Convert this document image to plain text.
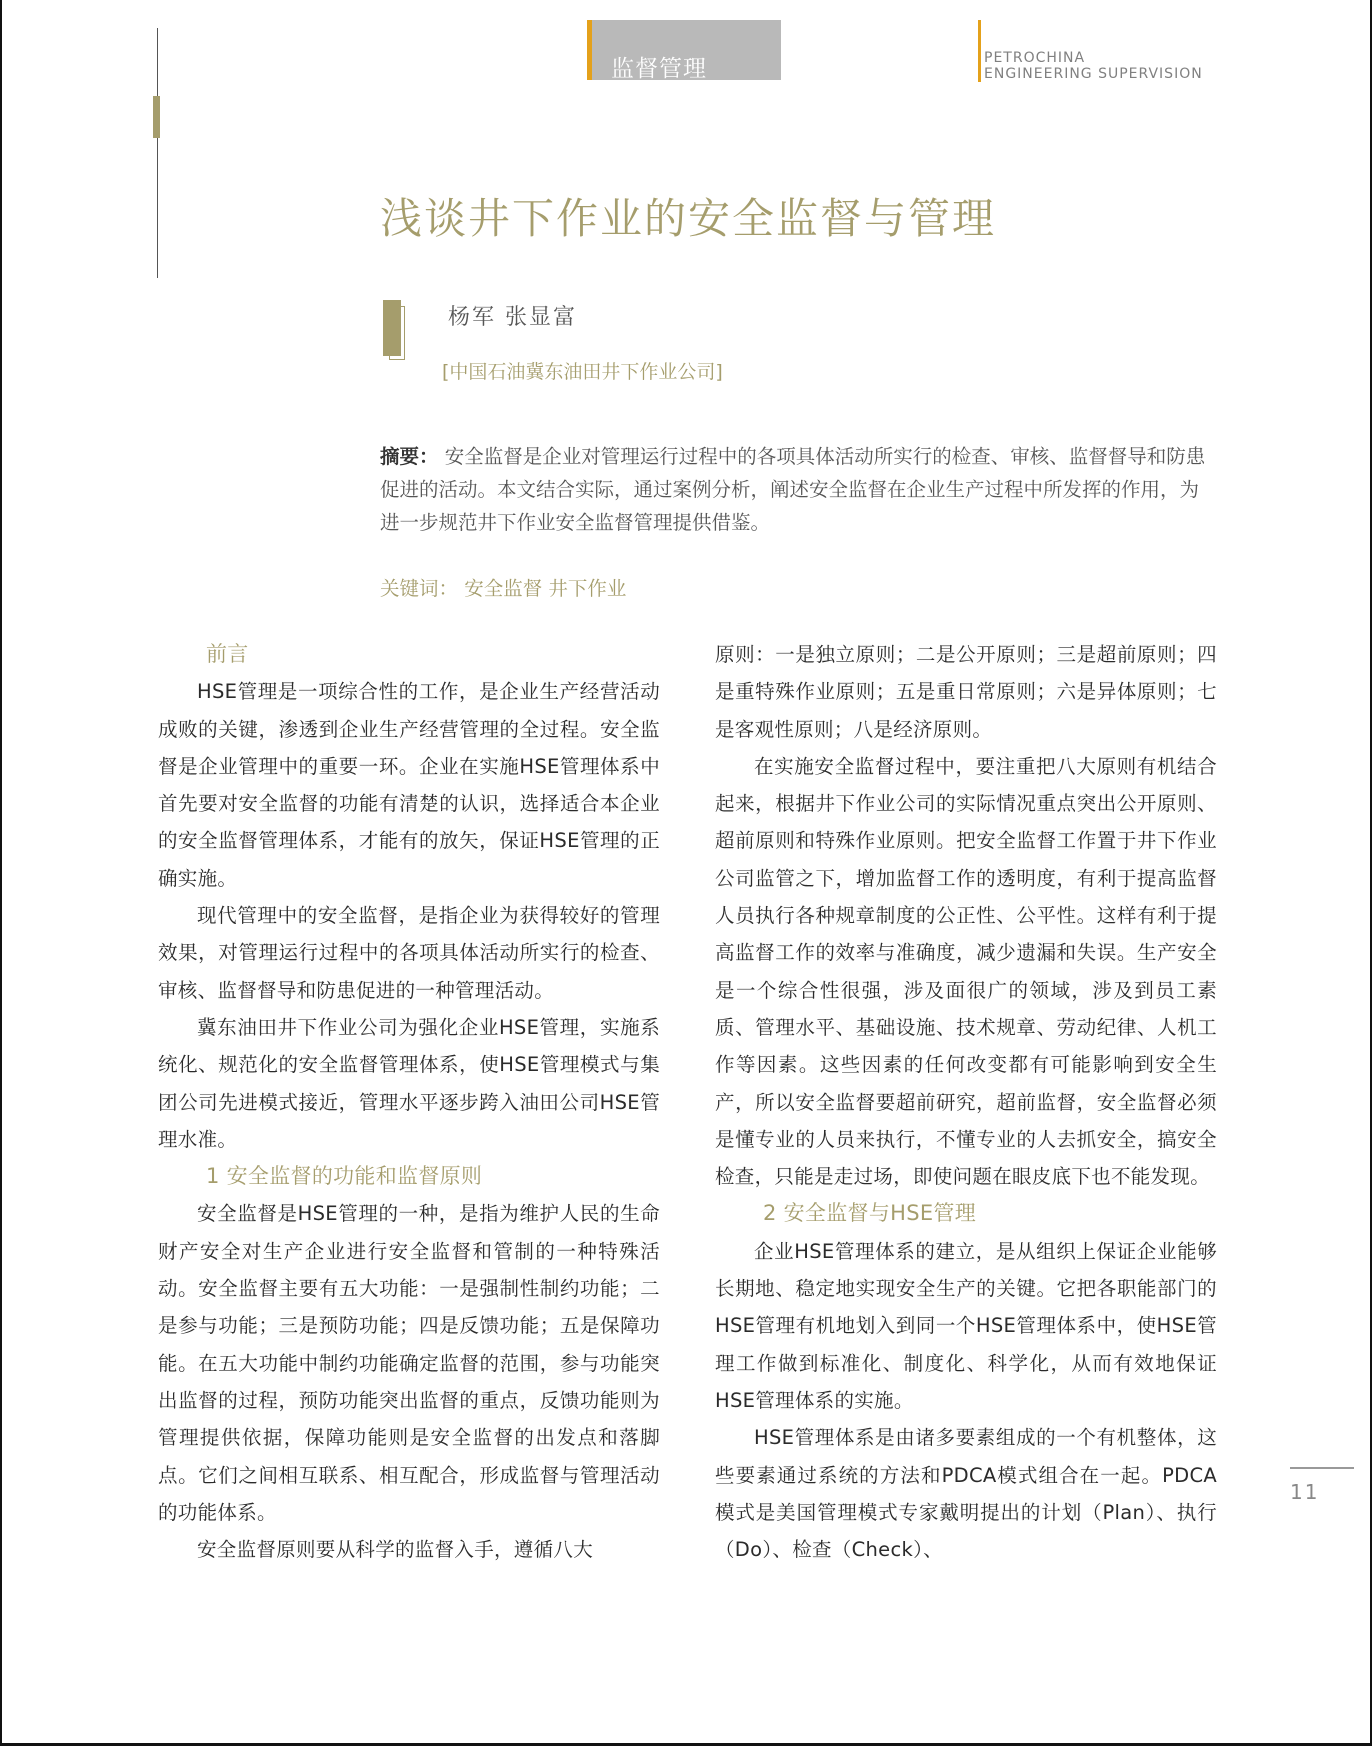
监督管理	PETROCHINA
ENGINEERING SUPERVISION
浅谈井下作业的安全监督与管理
杨军 张显富
[中国石油冀东油田井下作业公司]
摘要： 安全监督是企业对管理运行过程中的各项具体活动所实行的检查、审核、监督督导和防患促进的活动。本文结合实际，通过案例分析，阐述安全监督在企业生产过程中所发挥的作用，为进一步规范井下作业安全监督管理提供借鉴。
关键词： 安全监督 井下作业

前言

HSE管理是一项综合性的工作，是企业生产经营活动成败的关键，渗透到企业生产经营管理的全过程。安全监督是企业管理中的重要一环。企业在实施HSE管理体系中首先要对安全监督的功能有清楚的认识，选择适合本企业的安全监督管理体系，才能有的放矢，保证HSE管理的正确实施。

现代管理中的安全监督，是指企业为获得较好的管理效果，对管理运行过程中的各项具体活动所实行的检查、审核、监督督导和防患促进的一种管理活动。

冀东油田井下作业公司为强化企业HSE管理，实施系统化、规范化的安全监督管理体系，使HSE管理模式与集团公司先进模式接近，管理水平逐步跨入油田公司HSE管理水准。

1 安全监督的功能和监督原则

安全监督是HSE管理的一种，是指为维护人民的生命财产安全对生产企业进行安全监督和管制的一种特殊活动。安全监督主要有五大功能：一是强制性制约功能；二是参与功能；三是预防功能；四是反馈功能；五是保障功能。在五大功能中制约功能确定监督的范围，参与功能突出监督的过程，预防功能突出监督的重点，反馈功能则为管理提供依据，保障功能则是安全监督的出发点和落脚点。它们之间相互联系、相互配合，形成监督与管理活动的功能体系。

安全监督原则要从科学的监督入手，遵循八大

原则：一是独立原则；二是公开原则；三是超前原则；四是重特殊作业原则；五是重日常原则；六是异体原则；七是客观性原则；八是经济原则。

在实施安全监督过程中，要注重把八大原则有机结合起来，根据井下作业公司的实际情况重点突出公开原则、超前原则和特殊作业原则。把安全监督工作置于井下作业公司监管之下，增加监督工作的透明度，有利于提高监督人员执行各种规章制度的公正性、公平性。这样有利于提高监督工作的效率与准确度，减少遗漏和失误。生产安全是一个综合性很强，涉及面很广的领域，涉及到员工素质、管理水平、基础设施、技术规章、劳动纪律、人机工作等因素。这些因素的任何改变都有可能影响到安全生产，所以安全监督要超前研究，超前监督，安全监督必须是懂专业的人员来执行，不懂专业的人去抓安全，搞安全检查，只能是走过场，即使问题在眼皮底下也不能发现。

2 安全监督与HSE管理

企业HSE管理体系的建立，是从组织上保证企业能够长期地、稳定地实现安全生产的关键。它把各职能部门的HSE管理有机地划入到同一个HSE管理体系中，使HSE管理工作做到标准化、制度化、科学化，从而有效地保证HSE管理体系的实施。

HSE管理体系是由诸多要素组成的一个有机整体，这些要素通过系统的方法和PDCA模式组合在一起。PDCA模式是美国管理模式专家戴明提出的计划（Plan）、执行（Do）、检查（Check）、

11
